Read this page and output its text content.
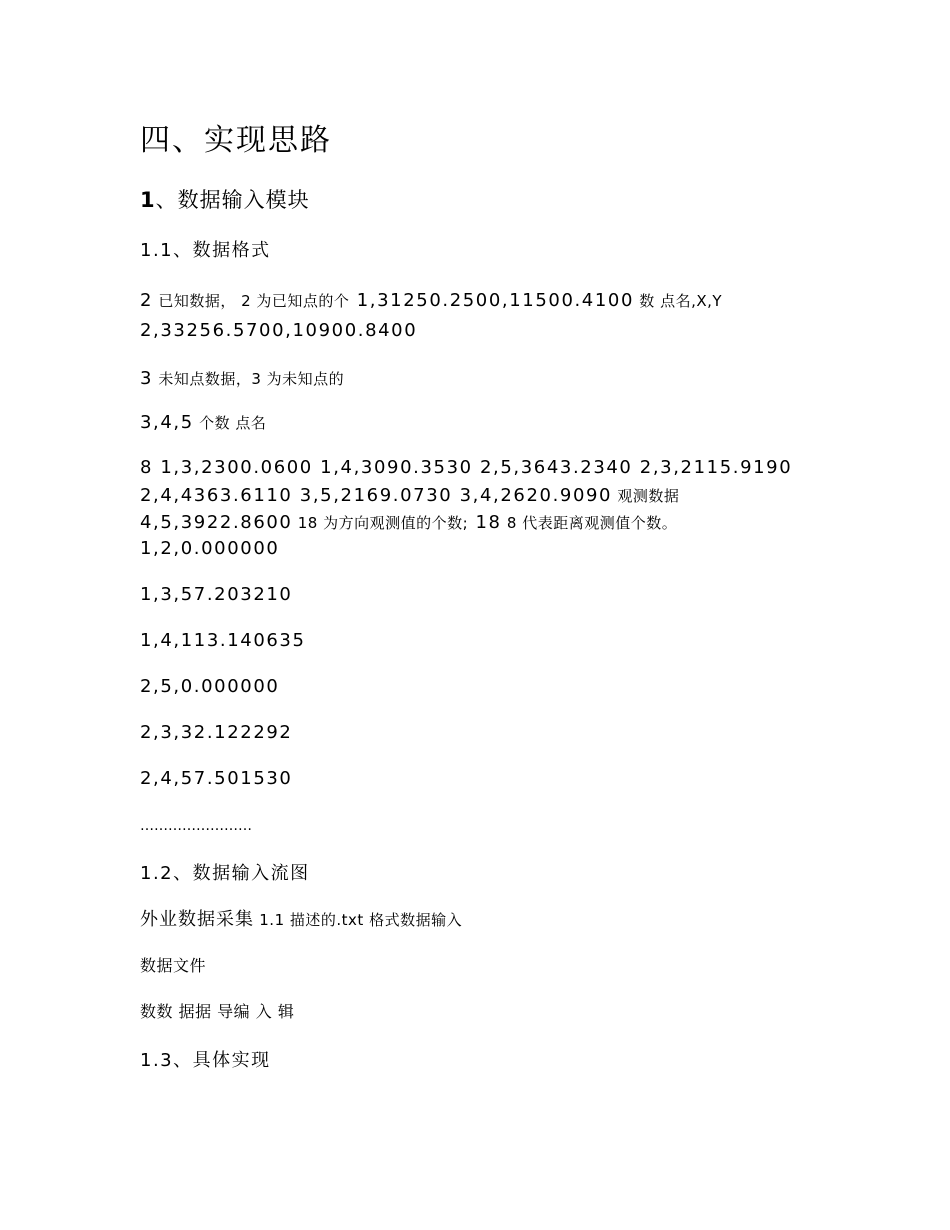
四、实现思路
1、数据输入模块
1.1、数据格式
2 已知数据， 2 为已知点的个 1,31250.2500,11500.4100 数 点名,X,Y
2,33256.5700,10900.8400
3 未知点数据，3 为未知点的
3,4,5 个数 点名
8 1,3,2300.0600 1,4,3090.3530 2,5,3643.2340 2,3,2115.9190
2,4,4363.6110 3,5,2169.0730 3,4,2620.9090 观测数据
4,5,3922.8600 18 为方向观测值的个数; 18 8 代表距离观测值个数。
1,2,0.000000
1,3,57.203210
1,4,113.140635
2,5,0.000000
2,3,32.122292
2,4,57.501530
……………………
1.2、数据输入流图
外业数据采集 1.1 描述的.txt 格式数据输入
数据文件
数数 据据 导编 入 辑
1.3、具体实现
